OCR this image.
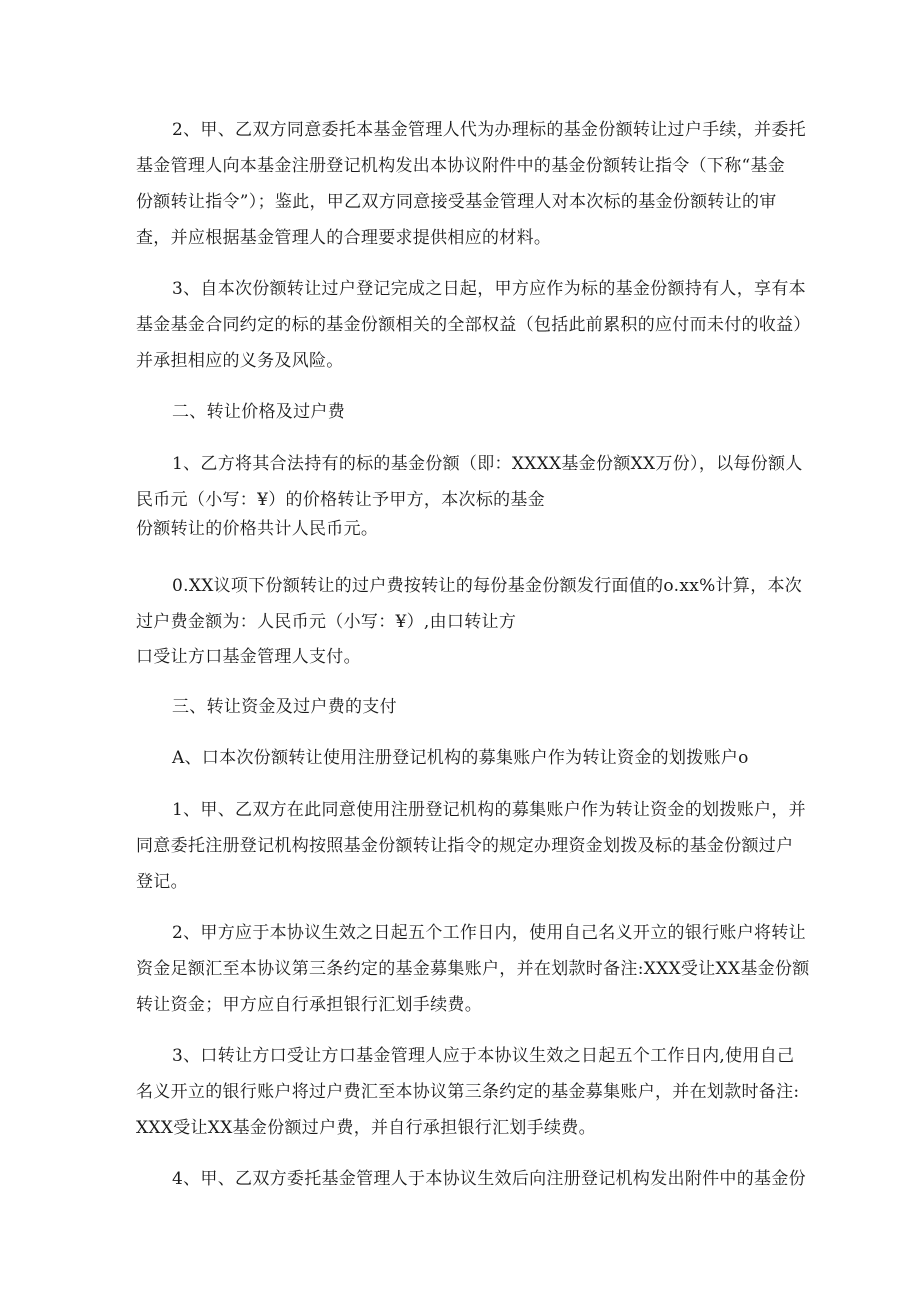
2、甲、乙双方同意委托本基金管理人代为办理标的基金份额转让过户手续，并委托
基金管理人向本基金注册登记机构发出本协议附件中的基金份额转让指令（下称“基金
份额转让指令”）；鉴此，甲乙双方同意接受基金管理人对本次标的基金份额转让的审
查，并应根据基金管理人的合理要求提供相应的材料。
3、自本次份额转让过户登记完成之日起，甲方应作为标的基金份额持有人，享有本
基金基金合同约定的标的基金份额相关的全部权益（包括此前累积的应付而未付的收益）
并承担相应的义务及风险。
二、转让价格及过户费
1、乙方将其合法持有的标的基金份额（即：XXXX基金份额XX万份），以每份额人
民币元（小写：¥）的价格转让予甲方，本次标的基金
份额转让的价格共计人民币元。
0.XX议项下份额转让的过户费按转让的每份基金份额发行面值的o.xx%计算，本次
过户费金额为：人民币元（小写：¥）,由口转让方
口受让方口基金管理人支付。
三、转让资金及过户费的支付
A、口本次份额转让使用注册登记机构的募集账户作为转让资金的划拨账户o
1、甲、乙双方在此同意使用注册登记机构的募集账户作为转让资金的划拨账户，并
同意委托注册登记机构按照基金份额转让指令的规定办理资金划拨及标的基金份额过户
登记。
2、甲方应于本协议生效之日起五个工作日内，使用自己名义开立的银行账户将转让
资金足额汇至本协议第三条约定的基金募集账户，并在划款时备注:XXX受让XX基金份额
转让资金；甲方应自行承担银行汇划手续费。
3、口转让方口受让方口基金管理人应于本协议生效之日起五个工作日内,使用自己
名义开立的银行账户将过户费汇至本协议第三条约定的基金募集账户，并在划款时备注:
XXX受让XX基金份额过户费，并自行承担银行汇划手续费。
4、甲、乙双方委托基金管理人于本协议生效后向注册登记机构发出附件中的基金份
